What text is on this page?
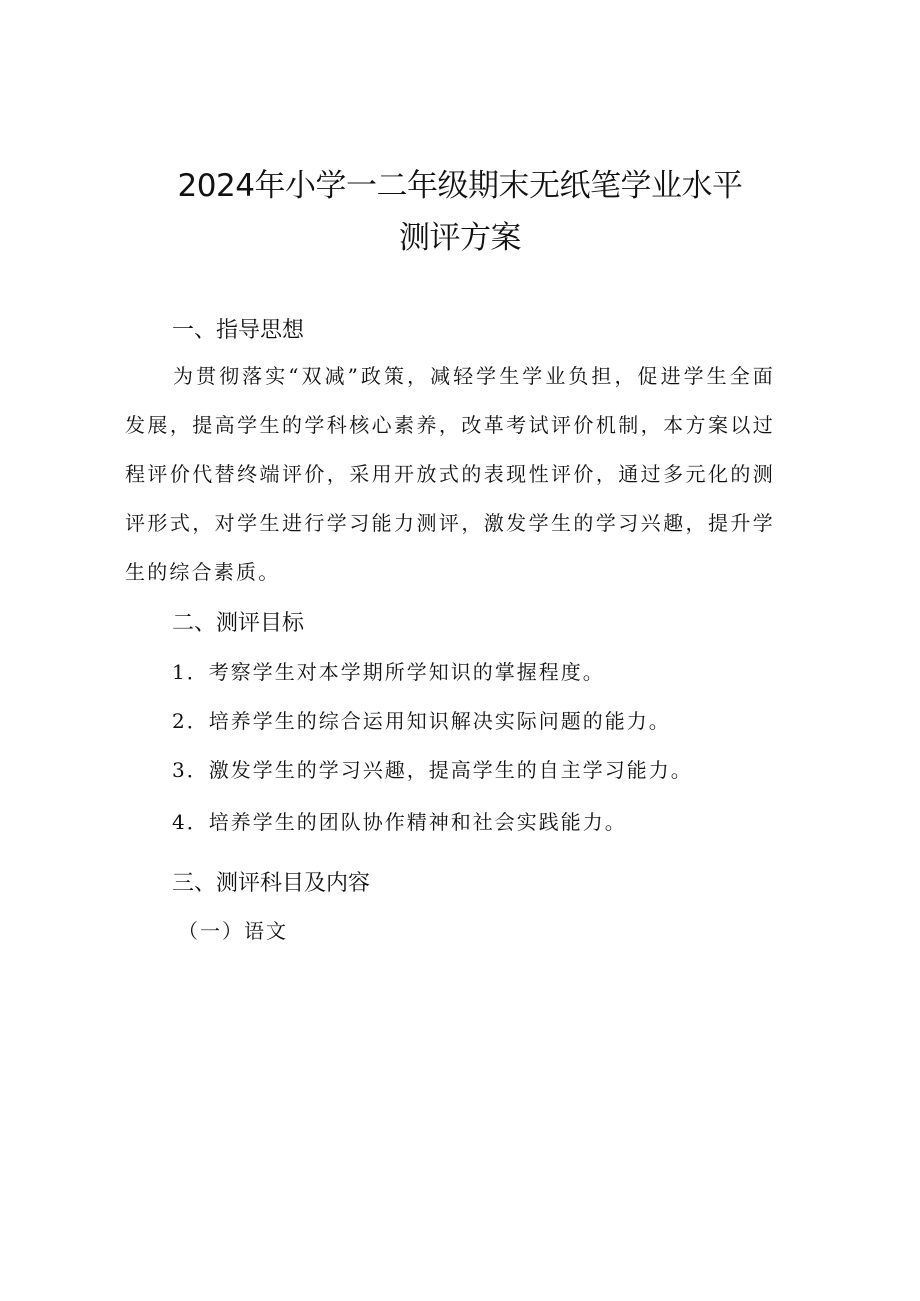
2024年小学一二年级期末无纸笔学业水平
测评方案
一、指导思想

为贯彻落实“双减”政策，减轻学生学业负担，促进学生全面发展，提高学生的学科核心素养，改革考试评价机制，本方案以过程评价代替终端评价，采用开放式的表现性评价，通过多元化的测评形式，对学生进行学习能力测评，激发学生的学习兴趣，提升学生的综合素质。

二、测评目标
1．考察学生对本学期所学知识的掌握程度。
2．培养学生的综合运用知识解决实际问题的能力。
3．激发学生的学习兴趣，提高学生的自主学习能力。
4．培养学生的团队协作精神和社会实践能力。
三、测评科目及内容
（一）语文
